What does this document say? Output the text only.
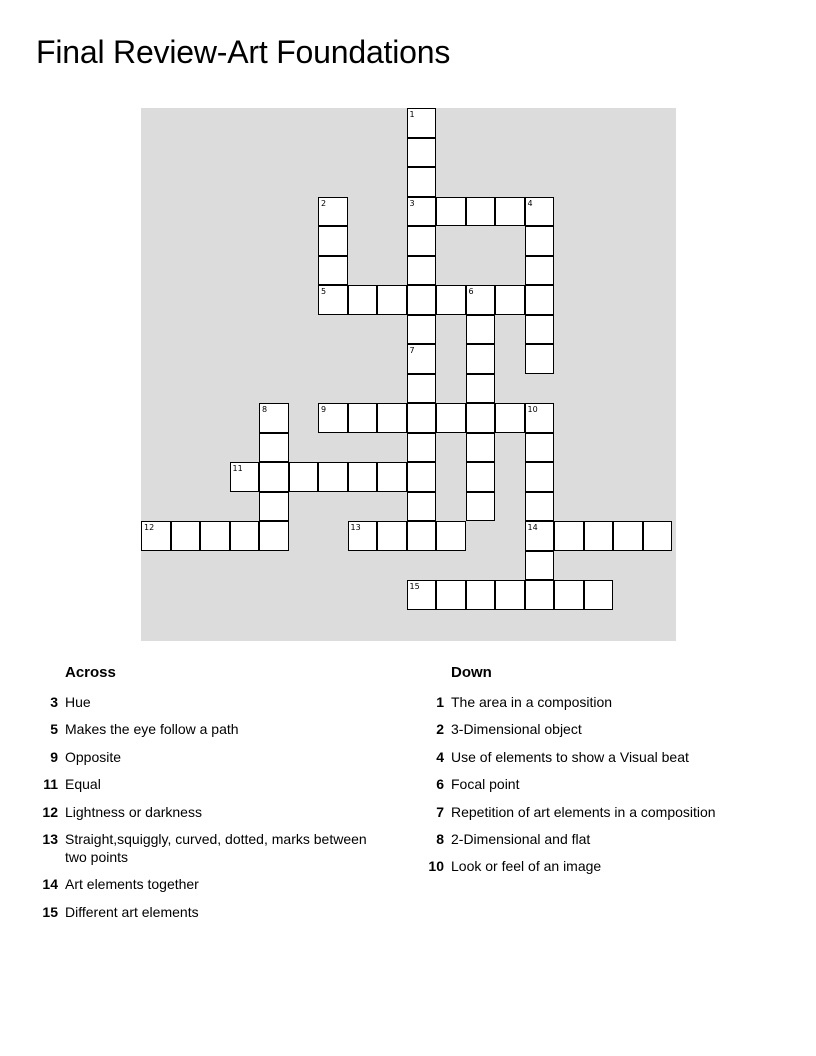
Final Review-Art Foundations
1
3
7
2
5
4
6
8	9	10
14
11
12	13
15
Across
3 Hue
5 Makes the eye follow a path
9 Opposite
11 Equal
12 Lightness or darkness
13 Straight,squiggly, curved, dotted, marks between two points
14 Art elements together
15 Different art elements
Down
1 The area in a composition
2 3-Dimensional object
4 Use of elements to show a Visual beat
6 Focal point
7 Repetition of art elements in a composition
8 2-Dimensional and flat
10 Look or feel of an image
